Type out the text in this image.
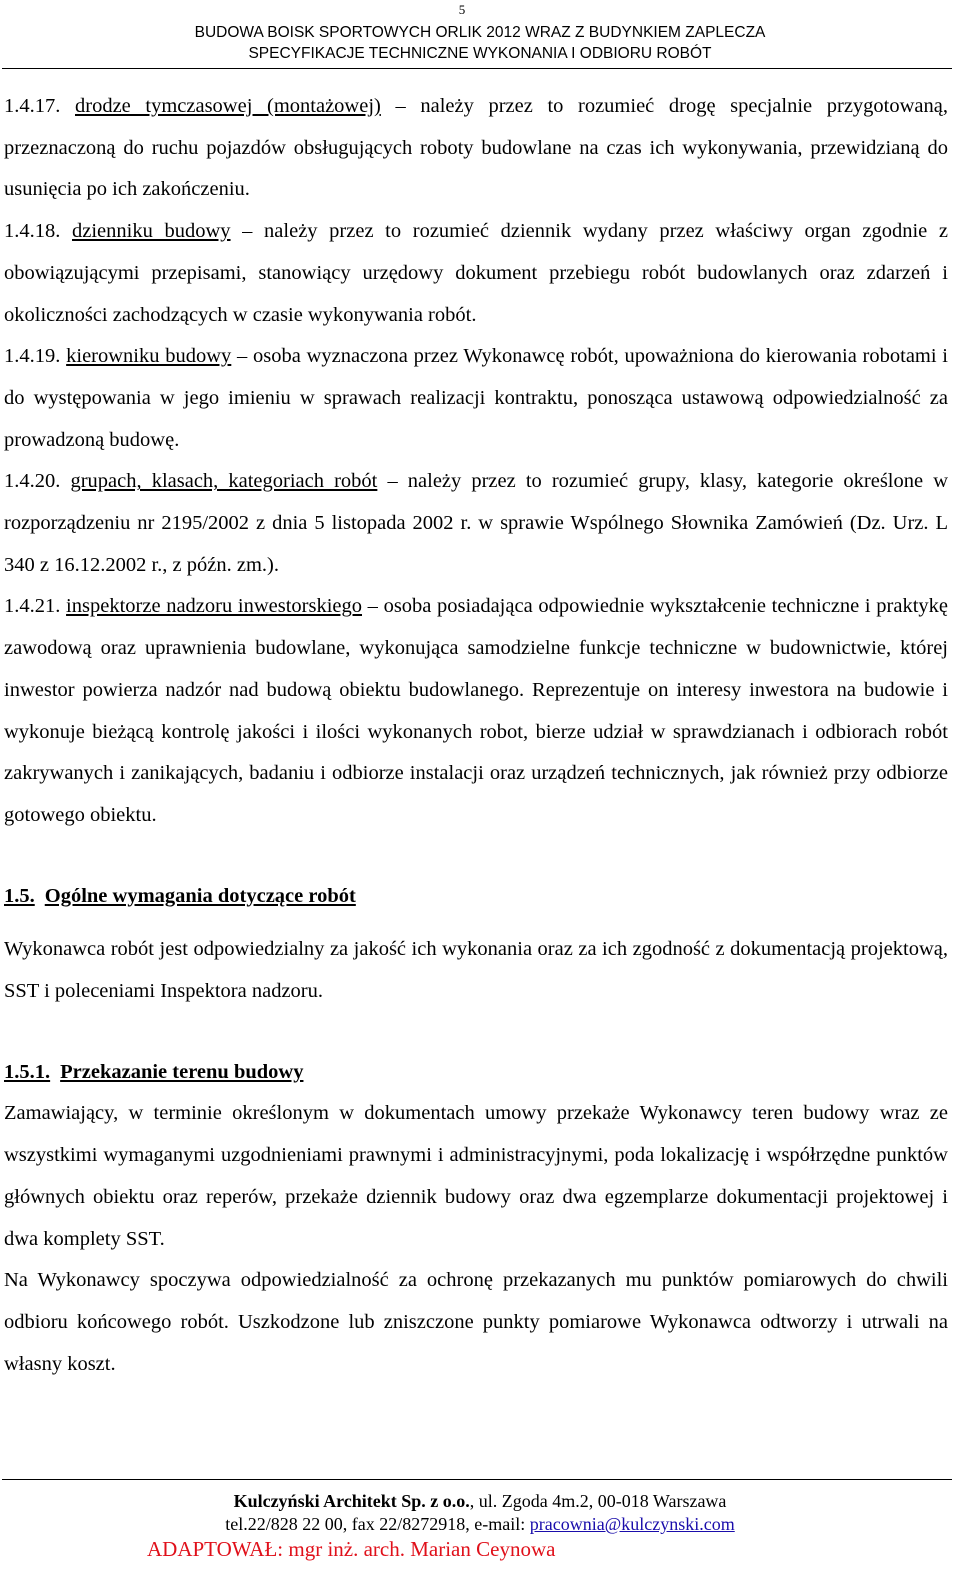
5
BUDOWA BOISK SPORTOWYCH ORLIK 2012 WRAZ Z BUDYNKIEM ZAPLECZA
SPECYFIKACJE TECHNICZNE WYKONANIA I ODBIORU ROBÓT

1.4.17. drodze tymczasowej (montażowej) – należy przez to rozumieć drogę specjalnie przygotowaną, przeznaczoną do ruchu pojazdów obsługujących roboty budowlane na czas ich wykonywania, przewidzianą do usunięcia po ich zakończeniu.

1.4.18. dzienniku budowy – należy przez to rozumieć dziennik wydany przez właściwy organ zgodnie z obowiązującymi przepisami, stanowiący urzędowy dokument przebiegu robót budowlanych oraz zdarzeń i okoliczności zachodzących w czasie wykonywania robót.

1.4.19. kierowniku budowy – osoba wyznaczona przez Wykonawcę robót, upoważniona do kierowania robotami i do występowania w jego imieniu w sprawach realizacji kontraktu, ponosząca ustawową odpowiedzialność za prowadzoną budowę.

1.4.20. grupach, klasach, kategoriach robót – należy przez to rozumieć grupy, klasy, kategorie określone w rozporządzeniu nr 2195/2002 z dnia 5 listopada 2002 r. w sprawie Wspólnego Słownika Zamówień (Dz. Urz. L 340 z 16.12.2002 r., z późn. zm.).

1.4.21. inspektorze nadzoru inwestorskiego – osoba posiadająca odpowiednie wykształcenie techniczne i praktykę zawodową oraz uprawnienia budowlane, wykonująca samodzielne funkcje techniczne w budownictwie, której inwestor powierza nadzór nad budową obiektu budowlanego. Reprezentuje on interesy inwestora na budowie i wykonuje bieżącą kontrolę jakości i ilości wykonanych robot, bierze udział w sprawdzianach i odbiorach robót zakrywanych i zanikających, badaniu i odbiorze instalacji oraz urządzeń technicznych, jak również przy odbiorze gotowego obiektu.

1.5. Ogólne wymagania dotyczące robót

Wykonawca robót jest odpowiedzialny za jakość ich wykonania oraz za ich zgodność z dokumentacją projektową, SST i poleceniami Inspektora nadzoru.

1.5.1. Przekazanie terenu budowy

Zamawiający, w terminie określonym w dokumentach umowy przekaże Wykonawcy teren budowy wraz ze wszystkimi wymaganymi uzgodnieniami prawnymi i administracyjnymi, poda lokalizację i współrzędne punktów głównych obiektu oraz reperów, przekaże dziennik budowy oraz dwa egzemplarze dokumentacji projektowej i dwa komplety SST.

Na Wykonawcy spoczywa odpowiedzialność za ochronę przekazanych mu punktów pomiarowych do chwili odbioru końcowego robót. Uszkodzone lub zniszczone punkty pomiarowe Wykonawca odtworzy i utrwali na własny koszt.

Kulczyński Architekt Sp. z o.o., ul. Zgoda 4m.2, 00-018 Warszawa
tel.22/828 22 00, fax 22/8272918, e-mail: pracownia@kulczynski.com
ADAPTOWAŁ: mgr inż. arch. Marian Ceynowa
